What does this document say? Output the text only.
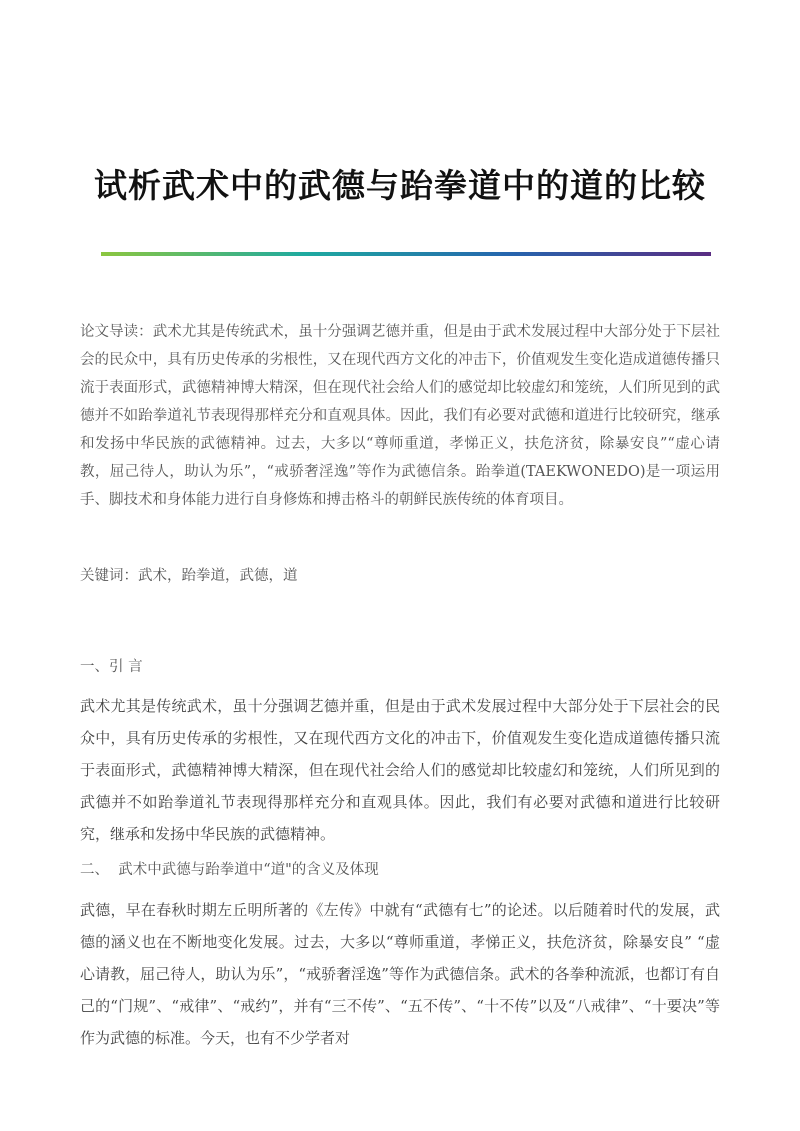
试析武术中的武德与跆拳道中的道的比较

论文导读：武术尤其是传统武术，虽十分强调艺德并重，但是由于武术发展过程中大部分处于下层社会的民众中，具有历史传承的劣根性，又在现代西方文化的冲击下，价值观发生变化造成道德传播只流于表面形式，武德精神博大精深，但在现代社会给人们的感觉却比较虚幻和笼统，人们所见到的武德并不如跆拳道礼节表现得那样充分和直观具体。因此，我们有必要对武德和道进行比较研究，继承和发扬中华民族的武德精神。过去，大多以“尊师重道，孝悌正义，扶危济贫，除暴安良”“虚心请教，屈己待人，助认为乐”，“戒骄奢淫逸”等作为武德信条。跆拳道(TAEKWONEDO)是一项运用手、脚技术和身体能力进行自身修炼和搏击格斗的朝鲜民族传统的体育项目。

关键词：武术，跆拳道，武德，道

一、引 言

武术尤其是传统武术，虽十分强调艺德并重，但是由于武术发展过程中大部分处于下层社会的民众中，具有历史传承的劣根性，又在现代西方文化的冲击下，价值观发生变化造成道德传播只流于表面形式，武德精神博大精深，但在现代社会给人们的感觉却比较虚幻和笼统，人们所见到的武德并不如跆拳道礼节表现得那样充分和直观具体。因此，我们有必要对武德和道进行比较研究，继承和发扬中华民族的武德精神。

二、  武术中武德与跆拳道中“道"的含义及体现

武德，早在春秋时期左丘明所著的《左传》中就有“武德有七”的论述。以后随着时代的发展，武德的涵义也在不断地变化发展。过去，大多以“尊师重道，孝悌正义，扶危济贫，除暴安良” “虚心请教，屈己待人，助认为乐”，“戒骄奢淫逸”等作为武德信条。武术的各拳种流派，也都订有自己的“门规”、“戒律”、“戒约”，并有“三不传”、“五不传”、“十不传”以及“八戒律”、“十要决”等作为武德的标准。今天，也有不少学者对
